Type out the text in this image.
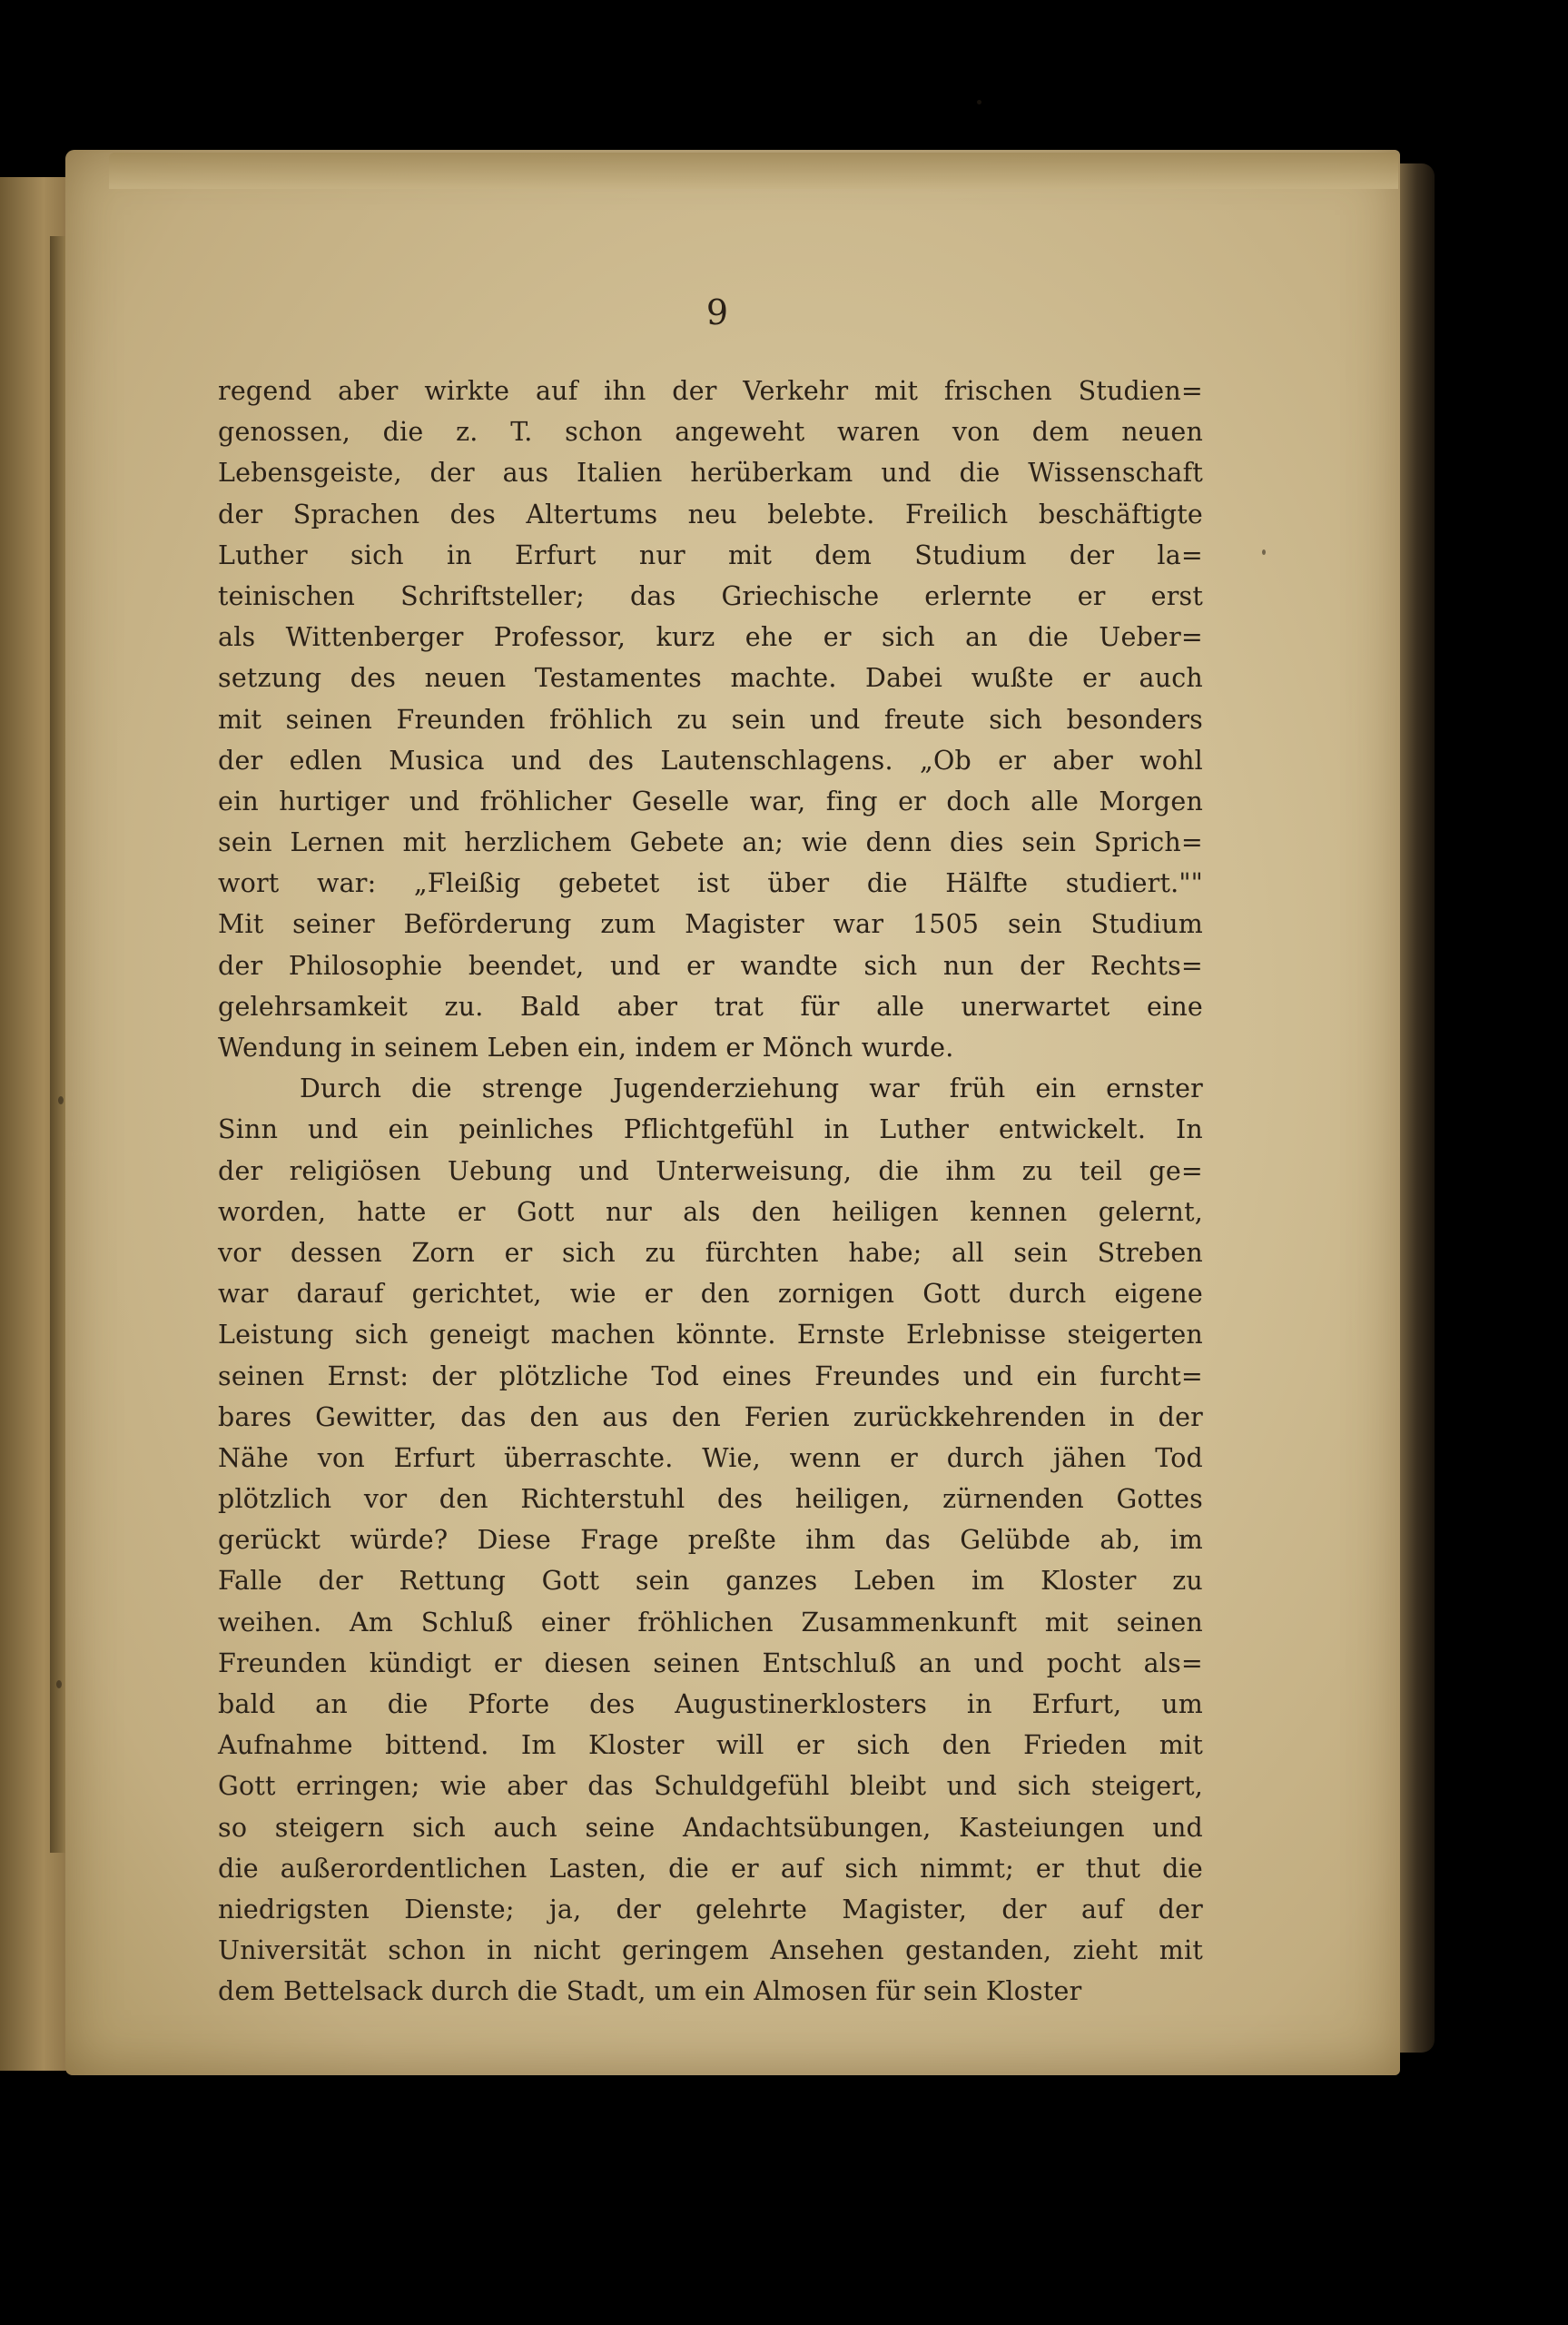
9
regend aber wirkte auf ihn der Verkehr mit frischen Studien=
genossen, die z. T. schon angeweht waren von dem neuen
Lebensgeiste, der aus Italien herüberkam und die Wissenschaft
der Sprachen des Altertums neu belebte. Freilich beschäftigte
Luther sich in Erfurt nur mit dem Studium der la=
teinischen Schriftsteller; das Griechische erlernte er erst
als Wittenberger Professor, kurz ehe er sich an die Ueber=
setzung des neuen Testamentes machte. Dabei wußte er auch
mit seinen Freunden fröhlich zu sein und freute sich besonders
der edlen Musica und des Lautenschlagens. „Ob er aber wohl
ein hurtiger und fröhlicher Geselle war, fing er doch alle Morgen
sein Lernen mit herzlichem Gebete an; wie denn dies sein Sprich=
wort war: „Fleißig gebetet ist über die Hälfte studiert.""
Mit seiner Beförderung zum Magister war 1505 sein Studium
der Philosophie beendet, und er wandte sich nun der Rechts=
gelehrsamkeit zu. Bald aber trat für alle unerwartet eine
Wendung in seinem Leben ein, indem er Mönch wurde.
Durch die strenge Jugenderziehung war früh ein ernster
Sinn und ein peinliches Pflichtgefühl in Luther entwickelt. In
der religiösen Uebung und Unterweisung, die ihm zu teil ge=
worden, hatte er Gott nur als den heiligen kennen gelernt,
vor dessen Zorn er sich zu fürchten habe; all sein Streben
war darauf gerichtet, wie er den zornigen Gott durch eigene
Leistung sich geneigt machen könnte. Ernste Erlebnisse steigerten
seinen Ernst: der plötzliche Tod eines Freundes und ein furcht=
bares Gewitter, das den aus den Ferien zurückkehrenden in der
Nähe von Erfurt überraschte. Wie, wenn er durch jähen Tod
plötzlich vor den Richterstuhl des heiligen, zürnenden Gottes
gerückt würde? Diese Frage preßte ihm das Gelübde ab, im
Falle der Rettung Gott sein ganzes Leben im Kloster zu
weihen. Am Schluß einer fröhlichen Zusammenkunft mit seinen
Freunden kündigt er diesen seinen Entschluß an und pocht als=
bald an die Pforte des Augustinerklosters in Erfurt, um
Aufnahme bittend. Im Kloster will er sich den Frieden mit
Gott erringen; wie aber das Schuldgefühl bleibt und sich steigert,
so steigern sich auch seine Andachtsübungen, Kasteiungen und
die außerordentlichen Lasten, die er auf sich nimmt; er thut die
niedrigsten Dienste; ja, der gelehrte Magister, der auf der
Universität schon in nicht geringem Ansehen gestanden, zieht mit
dem Bettelsack durch die Stadt, um ein Almosen für sein Kloster
